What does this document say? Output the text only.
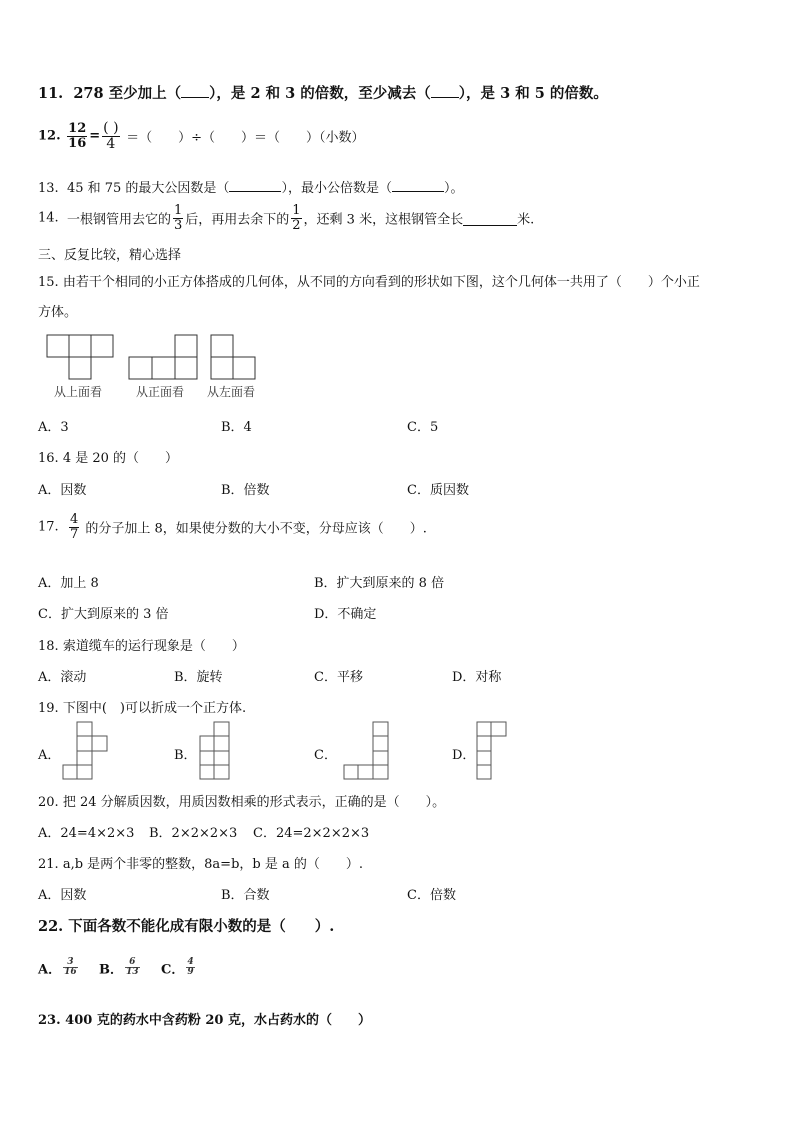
11. 278 至少加上（ ），是 2 和 3 的倍数，至少减去（ ），是 3 和 5 的倍数。
12. $\frac{12}{16} = \frac{( )}{4}$ ＝（　　）÷（　　）＝（　　）（小数）
13. 45 和 75 的最大公因数是（	），最小公倍数是（	）。
14. 一根钢管用去它的 $\frac{1}{3}$ 后，再用去余下的 $\frac{1}{2}$ ，还剩 3 米，这根钢管全长	米.
三、反复比较，精心选择
15. 由若干个相同的小正方体搭成的几何体，从不同的方向看到的形状如下图，这个几何体一共用了（　　）个小正
方体。
从上面看	从正面看 从左面看
A．3	B．4	C．5
16. 4 是 20 的（　　）
A．因数	B．倍数	C．质因数
17. $\frac{4}{7}$ 的分子加上 8，如果使分数的大小不变，分母应该（　　）.
A．加上 8	B．扩大到原来的 8 倍
C．扩大到原来的 3 倍	D．不确定
18. 索道缆车的运行现象是（　　）
A．滚动	B．旋转	C．平移	D．对称
19. 下图中(　)可以折成一个正方体.
A．	B．	C．	D．
20. 把 24 分解质因数，用质因数相乘的形式表示，正确的是（　　）。
A．24=4×2×3 B．2×2×2×3 C．24=2×2×2×3
21. a,b 是两个非零的整数，8a=b，b 是 a 的（　　）.
A．因数	B．合数	C．倍数
22. 下面各数不能化成有限小数的是（　　）.
A． $\frac{3}{16}$ B． $\frac{6}{13}$ C． $\frac{4}{9}$
23. 400 克的药水中含药粉 20 克，水占药水的（　　）
